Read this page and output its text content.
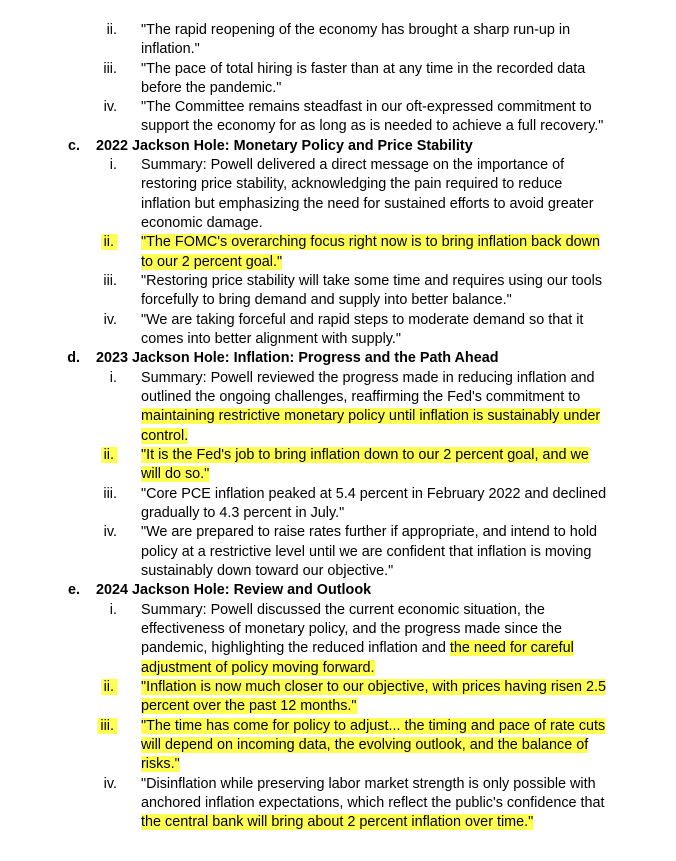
ii. "The rapid reopening of the economy has brought a sharp run-up in
inflation."
iii. "The pace of total hiring is faster than at any time in the recorded data
before the pandemic."
iv. "The Committee remains steadfast in our oft-expressed commitment to
support the economy for as long as is needed to achieve a full recovery."
c. 2022 Jackson Hole: Monetary Policy and Price Stability
i. Summary: Powell delivered a direct message on the importance of
restoring price stability, acknowledging the pain required to reduce
inflation but emphasizing the need for sustained efforts to avoid greater
economic damage.
ii. "The FOMC's overarching focus right now is to bring inflation back down
to our 2 percent goal."
iii. "Restoring price stability will take some time and requires using our tools
forcefully to bring demand and supply into better balance."
iv. "We are taking forceful and rapid steps to moderate demand so that it
comes into better alignment with supply."
d. 2023 Jackson Hole: Inflation: Progress and the Path Ahead
i. Summary: Powell reviewed the progress made in reducing inflation and
outlined the ongoing challenges, reaffirming the Fed's commitment to
maintaining restrictive monetary policy until inflation is sustainably under
control.
ii. "It is the Fed's job to bring inflation down to our 2 percent goal, and we
will do so."
iii. "Core PCE inflation peaked at 5.4 percent in February 2022 and declined
gradually to 4.3 percent in July."
iv. "We are prepared to raise rates further if appropriate, and intend to hold
policy at a restrictive level until we are confident that inflation is moving
sustainably down toward our objective."
e. 2024 Jackson Hole: Review and Outlook
i. Summary: Powell discussed the current economic situation, the
effectiveness of monetary policy, and the progress made since the
pandemic, highlighting the reduced inflation and the need for careful
adjustment of policy moving forward.
ii. "Inflation is now much closer to our objective, with prices having risen 2.5
percent over the past 12 months."
iii. "The time has come for policy to adjust... the timing and pace of rate cuts
will depend on incoming data, the evolving outlook, and the balance of
risks."
iv. "Disinflation while preserving labor market strength is only possible with
anchored inflation expectations, which reflect the public's confidence that
the central bank will bring about 2 percent inflation over time."
